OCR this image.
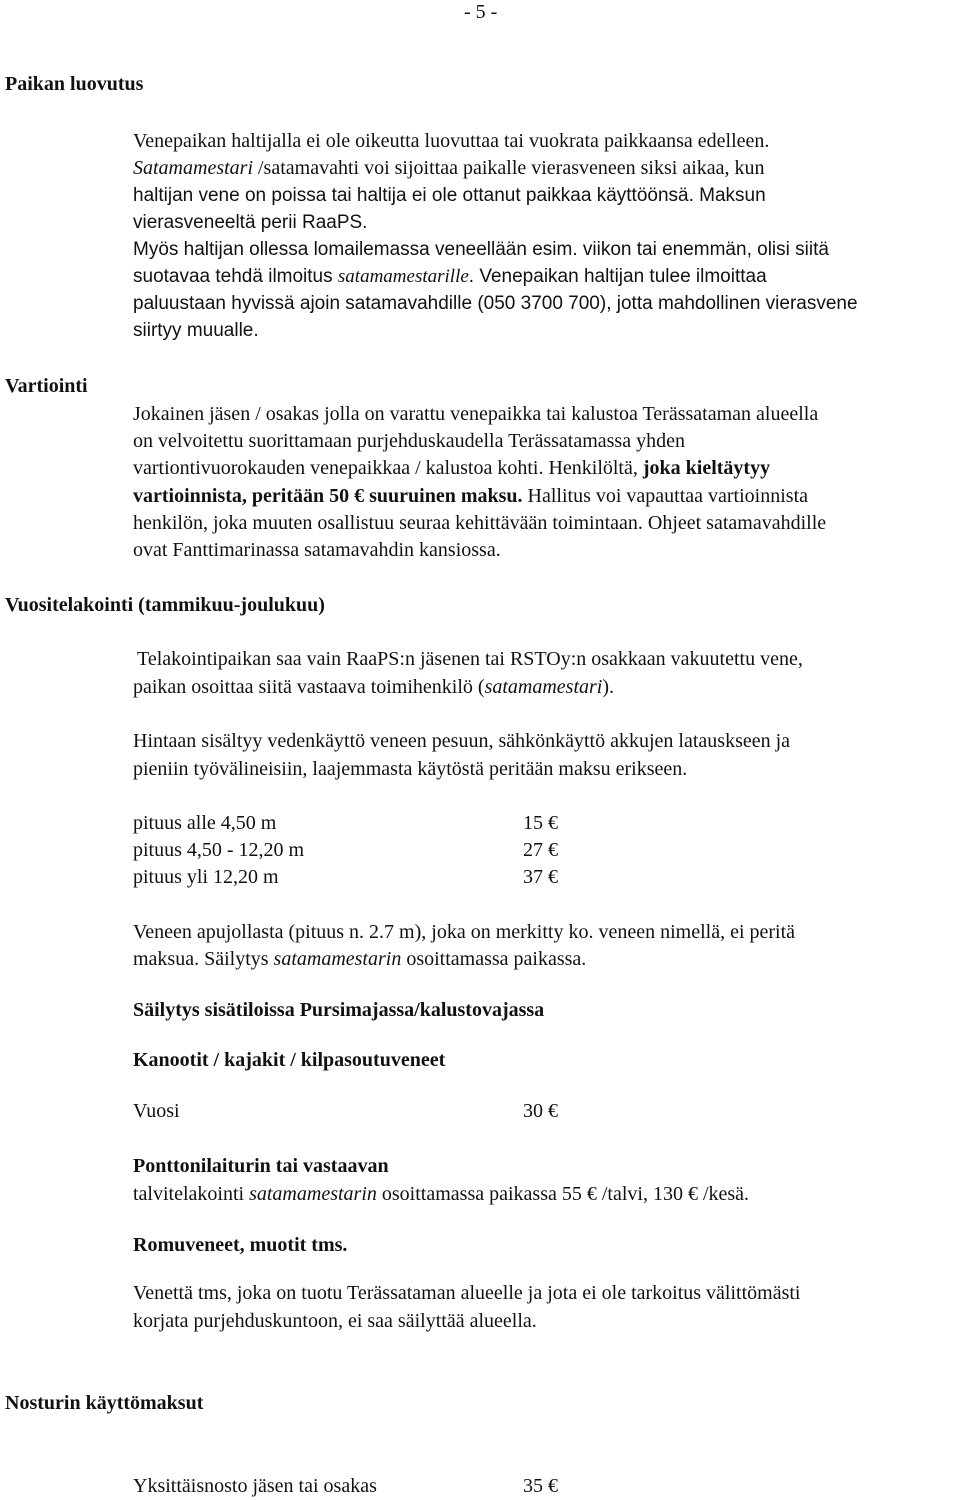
- 5 -

Paikan luovutus

Venepaikan haltijalla ei ole oikeutta luovuttaa tai vuokrata paikkaansa edelleen.

Satamamestari /satamavahti voi sijoittaa paikalle vierasveneen siksi aikaa, kun

haltijan vene on poissa tai haltija ei ole ottanut paikkaa käyttöönsä. Maksun

vierasveneeltä perii RaaPS.

Myös haltijan ollessa lomailemassa veneellään esim. viikon tai enemmän, olisi siitä

suotavaa tehdä ilmoitus satamamestarille. Venepaikan haltijan tulee ilmoittaa

paluustaan hyvissä ajoin satamavahdille (050 3700 700), jotta mahdollinen vierasvene

siirtyy muualle.

Vartiointi

Jokainen jäsen / osakas jolla on varattu venepaikka tai kalustoa Terässataman alueella

on velvoitettu suorittamaan purjehduskaudella Terässatamassa yhden

vartiontivuorokauden venepaikkaa / kalustoa kohti. Henkilöltä, joka kieltäytyy

vartioinnista, peritään 50 € suuruinen maksu. Hallitus voi vapauttaa vartioinnista

henkilön, joka muuten osallistuu seuraa kehittävään toimintaan. Ohjeet satamavahdille

ovat Fanttimarinassa satamavahdin kansiossa.

Vuositelakointi (tammikuu-joulukuu)

Telakointipaikan saa vain RaaPS:n jäsenen tai RSTOy:n osakkaan vakuutettu vene,

paikan osoittaa siitä vastaava toimihenkilö (satamamestari).

Hintaan sisältyy vedenkäyttö veneen pesuun, sähkönkäyttö akkujen latauskseen ja

pieniin työvälineisiin, laajemmasta käytöstä peritään maksu erikseen.

pituus alle 4,50 m	15 €

pituus 4,50 - 12,20 m	27 €

pituus yli 12,20 m	37 €

Veneen apujollasta (pituus n. 2.7 m), joka on merkitty ko. veneen nimellä, ei peritä

maksua. Säilytys satamamestarin osoittamassa paikassa.

Säilytys sisätiloissa Pursimajassa/kalustovajassa

Kanootit / kajakit / kilpasoutuveneet

Vuosi	30 €

Ponttonilaiturin tai vastaavan

talvitelakointi satamamestarin osoittamassa paikassa 55 € /talvi, 130 € /kesä.

Romuveneet, muotit tms.

Venettä tms, joka on tuotu Terässataman alueelle ja jota ei ole tarkoitus välittömästi

korjata purjehduskuntoon, ei saa säilyttää alueella.

Nosturin käyttömaksut

Yksittäisnosto jäsen tai osakas	35 €
